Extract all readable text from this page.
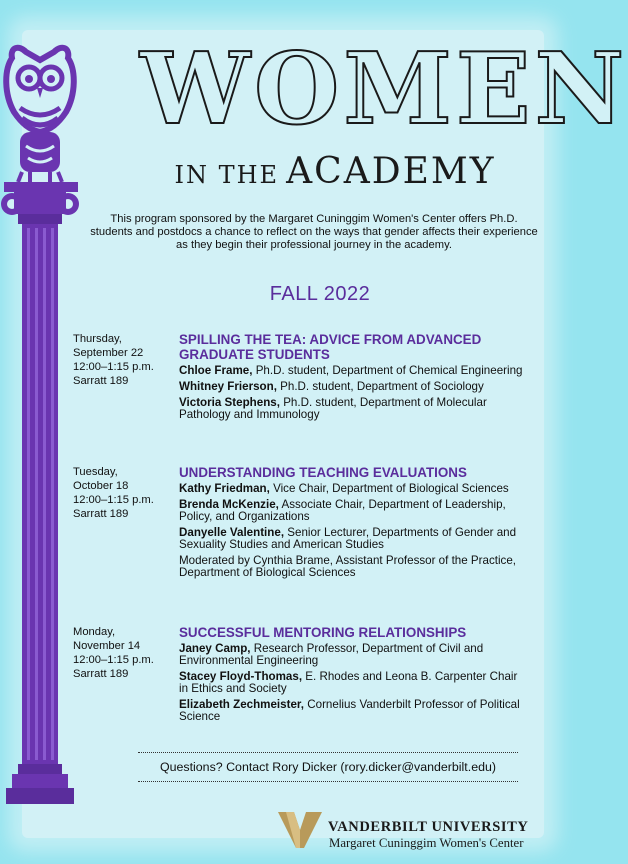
WOMEN
IN THE ACADEMY
This program sponsored by the Margaret Cuninggim Women's Center offers Ph.D. students and postdocs a chance to reflect on the ways that gender affects their experience as they begin their professional journey in the academy.
FALL 2022
Thursday,
September 22
12:00–1:15 p.m.
Sarratt 189
SPILLING THE TEA: ADVICE FROM ADVANCED GRADUATE STUDENTS
Chloe Frame, Ph.D. student, Department of Chemical Engineering
Whitney Frierson, Ph.D. student, Department of Sociology
Victoria Stephens, Ph.D. student, Department of Molecular Pathology and Immunology
Tuesday,
October 18
12:00–1:15 p.m.
Sarratt 189
UNDERSTANDING TEACHING EVALUATIONS
Kathy Friedman, Vice Chair, Department of Biological Sciences
Brenda McKenzie, Associate Chair, Department of Leadership, Policy, and Organizations
Danyelle Valentine, Senior Lecturer, Departments of Gender and Sexuality Studies and American Studies
Moderated by Cynthia Brame, Assistant Professor of the Practice, Department of Biological Sciences
Monday,
November 14
12:00–1:15 p.m.
Sarratt 189
SUCCESSFUL MENTORING RELATIONSHIPS
Janey Camp, Research Professor, Department of Civil and Environmental Engineering
Stacey Floyd-Thomas, E. Rhodes and Leona B. Carpenter Chair in Ethics and Society
Elizabeth Zechmeister, Cornelius Vanderbilt Professor of Political Science
Questions? Contact Rory Dicker (rory.dicker@vanderbilt.edu)
VANDERBILT UNIVERSITY
Margaret Cuninggim Women's Center
